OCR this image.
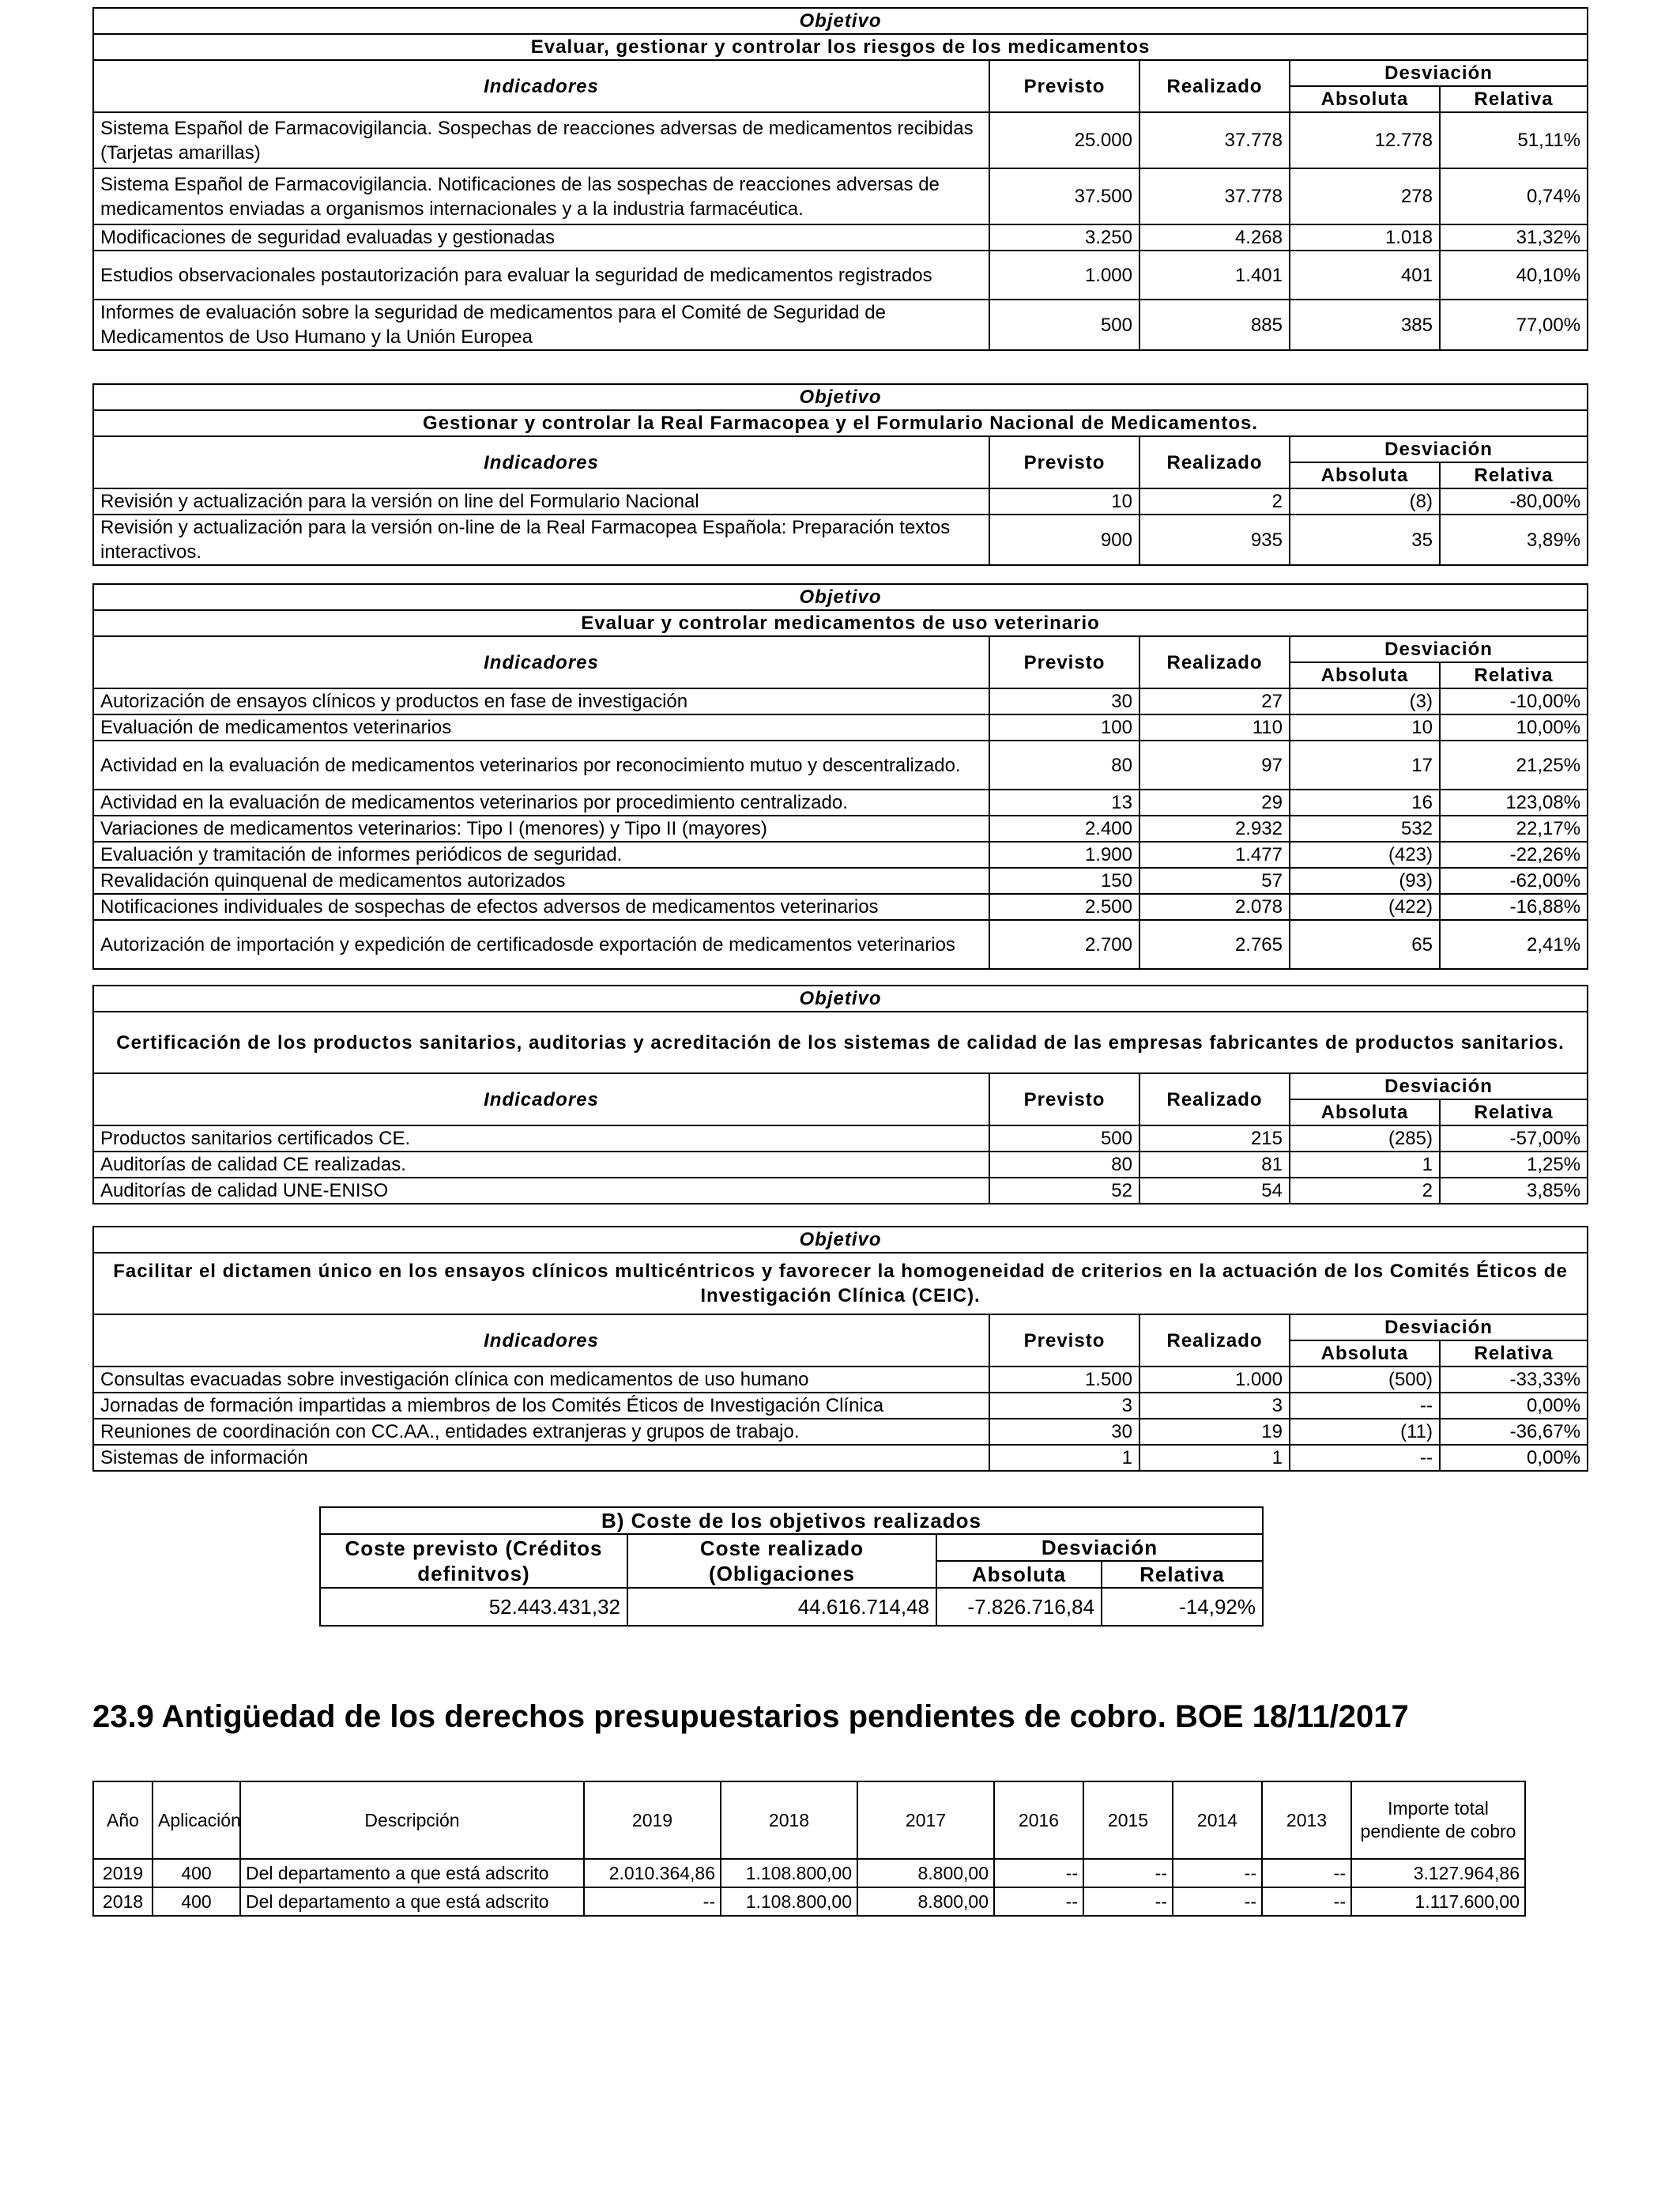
Objetivo				
Evaluar, gestionar y controlar los riesgos de los medicamentos				
Indicadores	Previsto	Realizado	Desviación	
			Absoluta	Relativa
Sistema Español de Farmacovigilancia. Sospechas de reacciones adversas de medicamentos recibidas (Tarjetas amarillas)	25.000	37.778	12.778	51,11%
Sistema Español de Farmacovigilancia. Notificaciones de las sospechas de reacciones adversas de medicamentos enviadas a organismos internacionales y a la industria farmacéutica.	37.500	37.778	278	0,74%
Modificaciones de seguridad evaluadas y gestionadas	3.250	4.268	1.018	31,32%
Estudios observacionales postautorización para evaluar la seguridad de medicamentos registrados	1.000	1.401	401	40,10%
Informes de evaluación sobre la seguridad de medicamentos para el Comité de Seguridad de Medicamentos de Uso Humano y la Unión Europea	500	885	385	77,00%
Objetivo				
Gestionar y controlar la Real Farmacopea y el Formulario Nacional de Medicamentos.				
Indicadores	Previsto	Realizado	Desviación	
			Absoluta	Relativa
Revisión y actualización para la versión on line del Formulario Nacional	10	2	(8)	-80,00%
Revisión y actualización para la versión on-line de la Real Farmacopea Española: Preparación textos interactivos.	900	935	35	3,89%
Objetivo				
Evaluar y controlar medicamentos de uso veterinario				
Indicadores	Previsto	Realizado	Desviación	
			Absoluta	Relativa
Autorización de ensayos clínicos y productos en fase de investigación	30	27	(3)	-10,00%
Evaluación de medicamentos veterinarios	100	110	10	10,00%
Actividad en la evaluación de medicamentos veterinarios por reconocimiento mutuo y descentralizado.	80	97	17	21,25%
Actividad en la evaluación de medicamentos veterinarios por procedimiento centralizado.	13	29	16	123,08%
Variaciones de medicamentos veterinarios: Tipo I (menores) y Tipo II (mayores)	2.400	2.932	532	22,17%
Evaluación y tramitación de informes periódicos de seguridad.	1.900	1.477	(423)	-22,26%
Revalidación quinquenal de medicamentos autorizados	150	57	(93)	-62,00%
Notificaciones individuales de sospechas de efectos adversos de medicamentos veterinarios	2.500	2.078	(422)	-16,88%
Autorización de importación y expedición de certificadosde exportación de medicamentos veterinarios	2.700	2.765	65	2,41%
Objetivo				
Certificación de los productos sanitarios, auditorias y acreditación de los sistemas de calidad de las empresas fabricantes de productos sanitarios.				
Indicadores	Previsto	Realizado	Desviación	
			Absoluta	Relativa
Productos sanitarios certificados CE.	500	215	(285)	-57,00%
Auditorías de calidad CE realizadas.	80	81	1	1,25%
Auditorías de calidad UNE-ENISO	52	54	2	3,85%
Objetivo				
Facilitar el dictamen único en los ensayos clínicos multicéntricos y favorecer la homogeneidad de criterios en la actuación de los Comités Éticos de Investigación Clínica (CEIC).				
Indicadores	Previsto	Realizado	Desviación	
			Absoluta	Relativa
Consultas evacuadas sobre investigación clínica con medicamentos de uso humano	1.500	1.000	(500)	-33,33%
Jornadas de formación impartidas a miembros de los Comités Éticos de Investigación Clínica	3	3	--	0,00%
Reuniones de coordinación con CC.AA., entidades extranjeras y grupos de trabajo.	30	19	(11)	-36,67%
Sistemas de información	1	1	--	0,00%
B) Coste de los objetivos realizados			
Coste previsto (Créditos definitvos)	Coste realizado (Obligaciones	Desviación	
		Absoluta	Relativa
52.443.431,32	44.616.714,48	-7.826.716,84	-14,92%
23.9 Antigüedad de los derechos presupuestarios pendientes de cobro. BOE 18/11/2017
Año	Aplicación	Descripción	2019	2018	2017	2016	2015	2014	2013	Importe total pendiente de cobro
2019	400	Del departamento a que está adscrito	2.010.364,86	1.108.800,00	8.800,00	--	--	--	--	3.127.964,86
2018	400	Del departamento a que está adscrito	--	1.108.800,00	8.800,00	--	--	--	--	1.117.600,00
